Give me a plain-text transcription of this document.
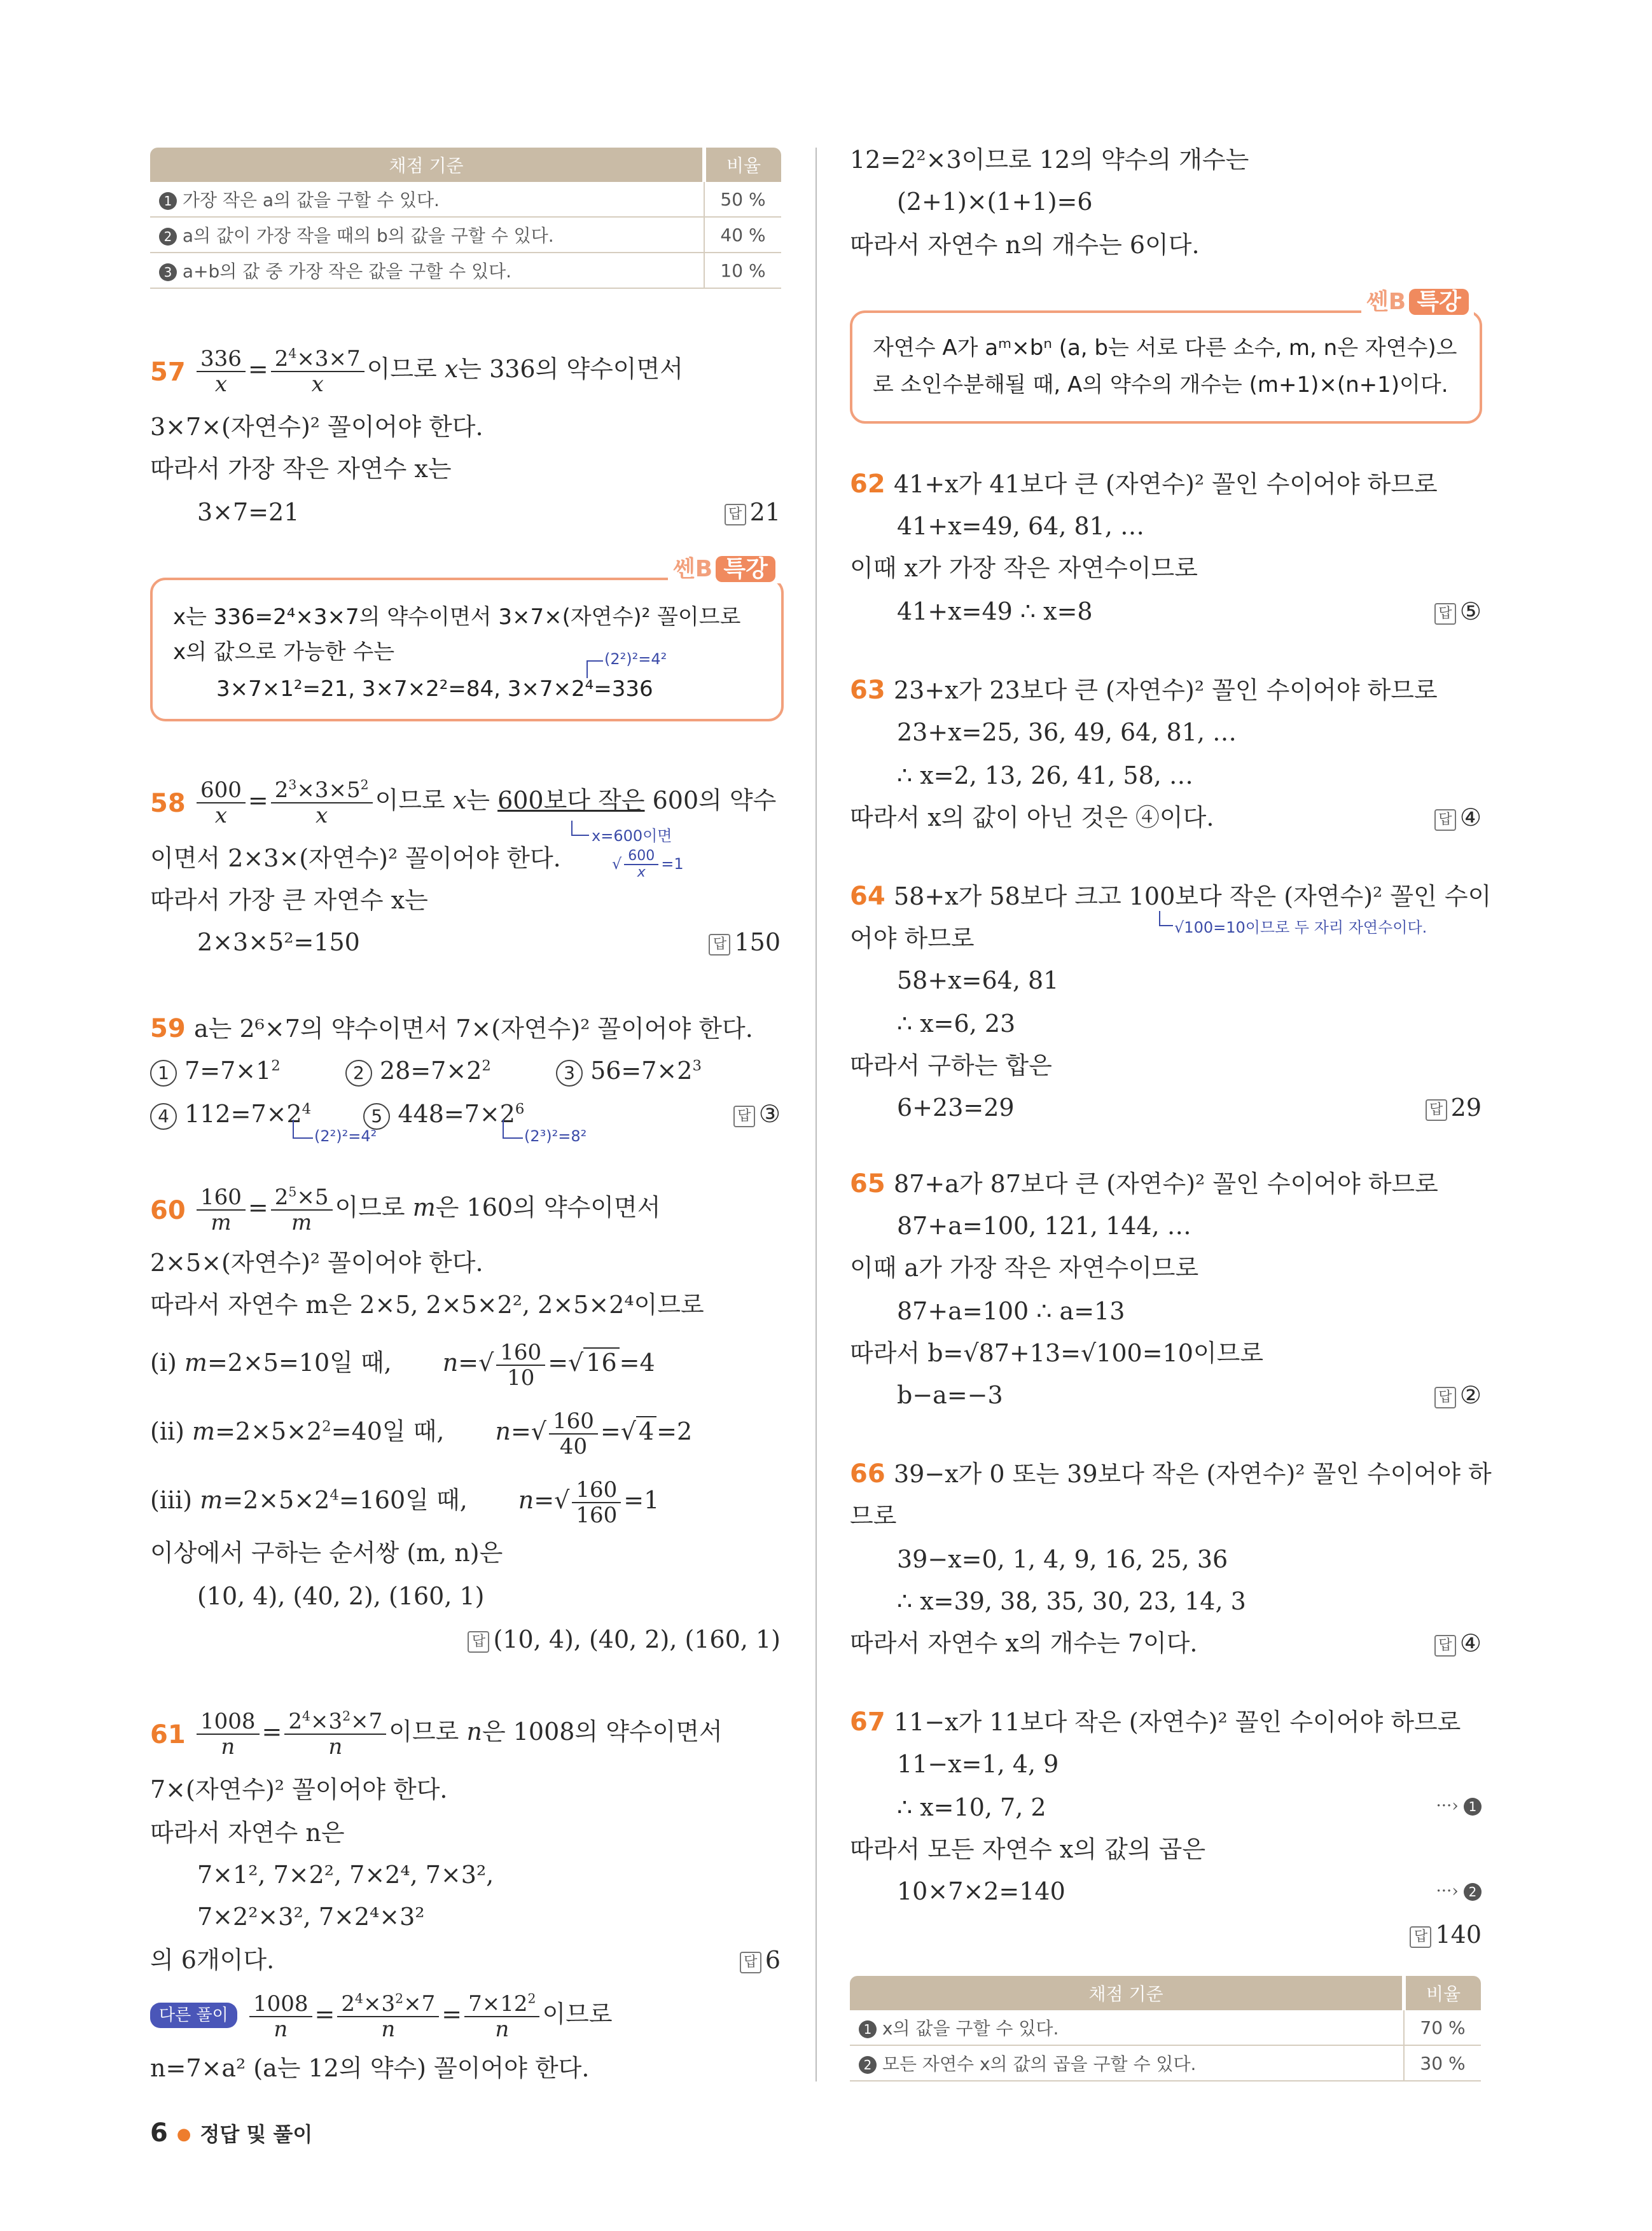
채점 기준	비율
1 가장 작은 a의 값을 구할 수 있다.	50 %
2 a의 값이 가장 작을 때의 b의 값을 구할 수 있다.	40 %
3 a+b의 값 중 가장 작은 값을 구할 수 있다.	10 %
$57 \frac{336}{x} = \frac{2^4\times 3\times 7}{x}$ 이므로 x는 336의 약수이면서
3×7×(자연수)² 꼴이어야 한다.
따라서 가장 작은 자연수 x는
3×7=21	답 21
쎈B 특강
x는 336=2⁴×3×7의 약수이면서 3×7×(자연수)² 꼴이므로
x의 값으로 가능한 수는	(2²)²=4²
3×7×1²=21, 3×7×2²=84, 3×7×2⁴=336
$58 \frac{600}{x} = \frac{2^3\times 3\times 5^2}{x}$ 이므로 x는 600보다 작은 600의 약수
x=600이면
이면서 2×3×(자연수)² 꼴이어야 한다.	√ $\frac{600}{x} =1$
따라서 가장 큰 자연수 x는
2×3×5²=150	답 150
59 a는 2⁶×7의 약수이면서 7×(자연수)² 꼴이어야 한다.
1 $7=7\times 1^2$	2 $28=7\times 2^2$	3 $56=7\times 2^3$
4 $112=7\times 2^4$	5 $448=7\times 2^6$
(2²)²=4²	(2³)²=8²
답 ③
$60 \frac{160}{m} = \frac{2^5\times 5}{m}$ 이므로 m은 160의 약수이면서
2×5×(자연수)² 꼴이어야 한다.
따라서 자연수 m은 2×5, 2×5×2², 2×5×2⁴이므로
(ⅰ) m=2×5=10일 때, $n=√ \frac{160}{10}$ =√ 16 =4
(ⅱ) $m=2\times 5\times 2^2=40$일 때, $n=√ \frac{160}{40}$ =√ 4 =2
(ⅲ) $m=2\times 5\times 2^4=160$일 때, $n=√ \frac{160}{160} =1$
이상에서 구하는 순서쌍 (m, n)은
(10, 4), (40, 2), (160, 1)
답 (10, 4), (40, 2), (160, 1)
$61 \frac{1008}{n} = \frac{2^4\times 3^2\times 7}{n}$ 이므로 n은 1008의 약수이면서
7×(자연수)² 꼴이어야 한다.
따라서 자연수 n은
7×1², 7×2², 7×2⁴, 7×3²,
7×2²×3², 7×2⁴×3²
의 6개이다.	답 6
다른 풀이 $\frac{1008}{n} = \frac{2^4\times 3^2\times 7}{n} = \frac{7\times 12^2}{n}$ 이므로
n=7×a² (a는 12의 약수) 꼴이어야 한다.
12=2²×3이므로 12의 약수의 개수는
(2+1)×(1+1)=6
따라서 자연수 n의 개수는 6이다.
쎈B 특강
자연수 A가 aᵐ×bⁿ (a, b는 서로 다른 소수, m, n은 자연수)으
로 소인수분해될 때, A의 약수의 개수는 (m+1)×(n+1)이다.
62 41+x가 41보다 큰 (자연수)² 꼴인 수이어야 하므로
41+x=49, 64, 81, …
이때 x가 가장 작은 자연수이므로
41+x=49 ∴ x=8	답 ⑤
63 23+x가 23보다 큰 (자연수)² 꼴인 수이어야 하므로
23+x=25, 36, 49, 64, 81, …
∴ x=2, 13, 26, 41, 58, …
따라서 x의 값이 아닌 것은 ④이다.	답 ④
64 58+x가 58보다 크고 100보다 작은 (자연수)² 꼴인 수이
√100=10이므로 두 자리 자연수이다.
어야 하므로
58+x=64, 81
∴ x=6, 23
따라서 구하는 합은
6+23=29	답 29
65 87+a가 87보다 큰 (자연수)² 꼴인 수이어야 하므로
87+a=100, 121, 144, …
이때 a가 가장 작은 자연수이므로
87+a=100 ∴ a=13
따라서 b=√87+13=√100=10이므로
b−a=−3	답 ②
66 39−x가 0 또는 39보다 작은 (자연수)² 꼴인 수이어야 하
므로
39−x=0, 1, 4, 9, 16, 25, 36
∴ x=39, 38, 35, 30, 23, 14, 3
따라서 자연수 x의 개수는 7이다.	답 ④
67 11−x가 11보다 작은 (자연수)² 꼴인 수이어야 하므로
11−x=1, 4, 9
∴ x=10, 7, 2	···› 1
따라서 모든 자연수 x의 값의 곱은
10×7×2=140	···› 2
답 140
채점 기준	비율
1 x의 값을 구할 수 있다.	70 %
2 모든 자연수 x의 값의 곱을 구할 수 있다.	30 %
6 ● 정답 및 풀이
